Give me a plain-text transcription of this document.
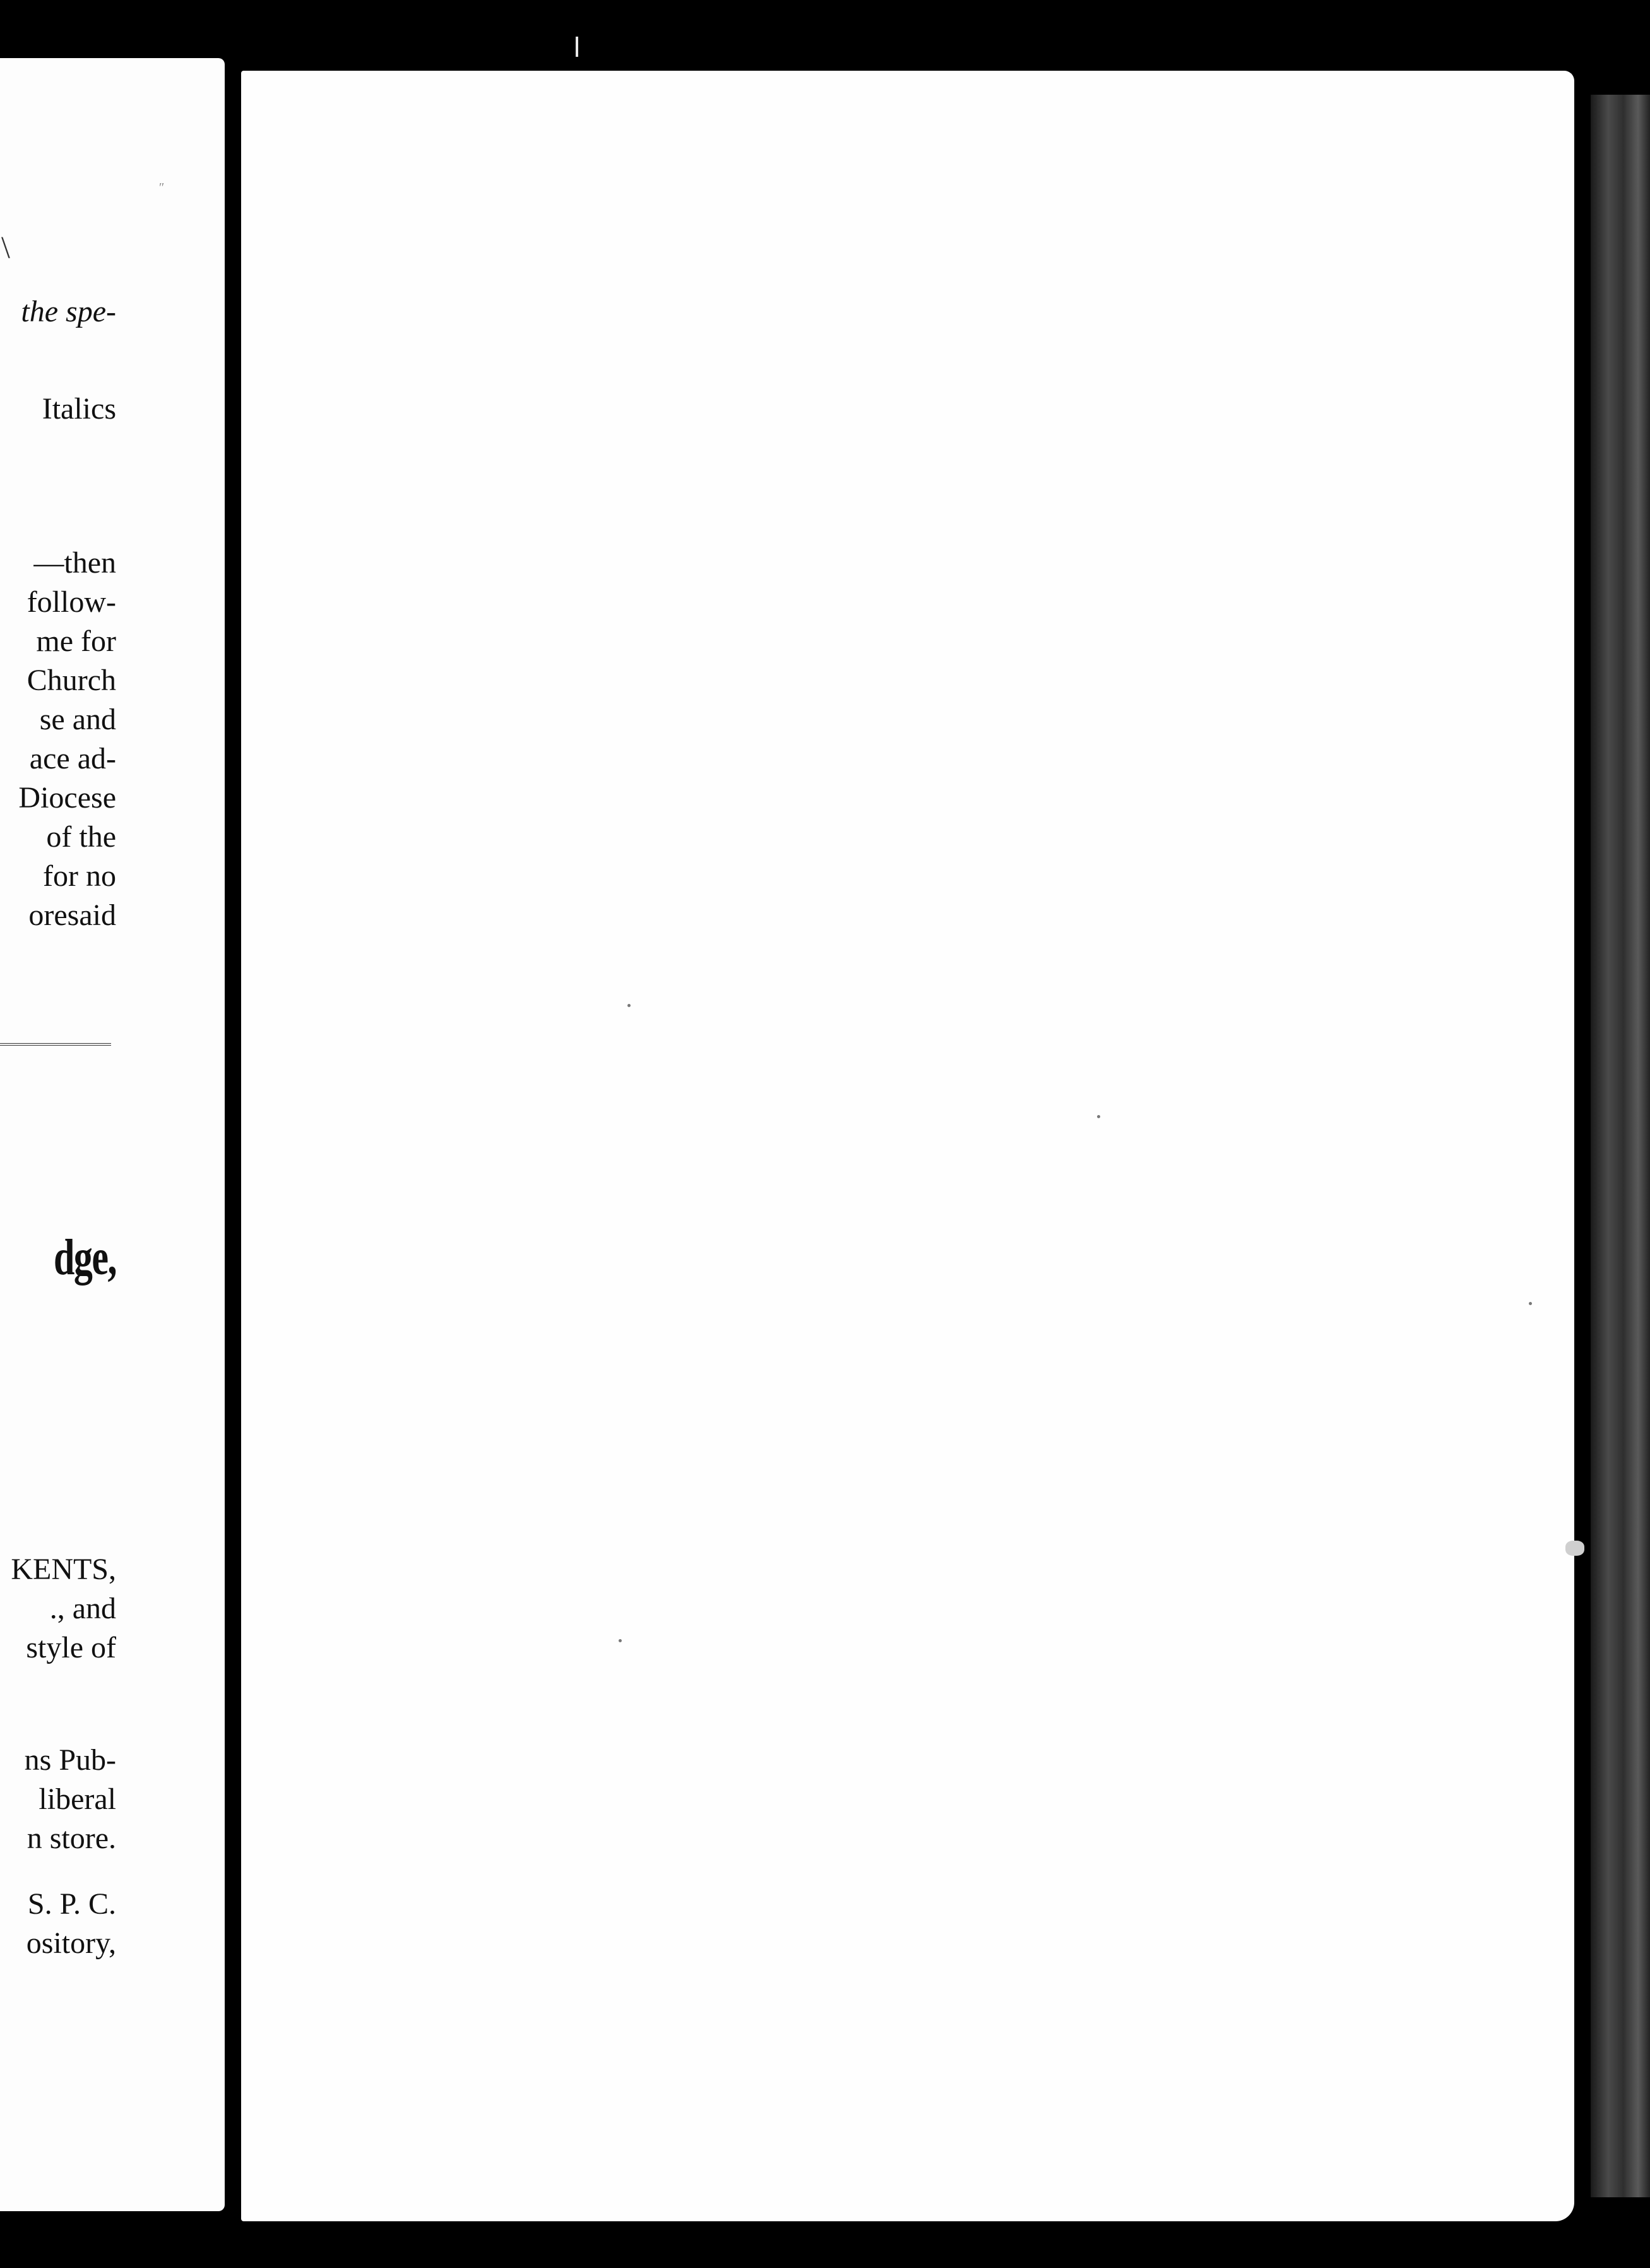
\
″

the spe-

Italics

—then

follow-

me for

Church

se and

ace ad-

Diocese

of the

for no

oresaid

dge,

KENTS,

., and

style of

ns Pub-

liberal

n store.

S. P. C.

ository,
